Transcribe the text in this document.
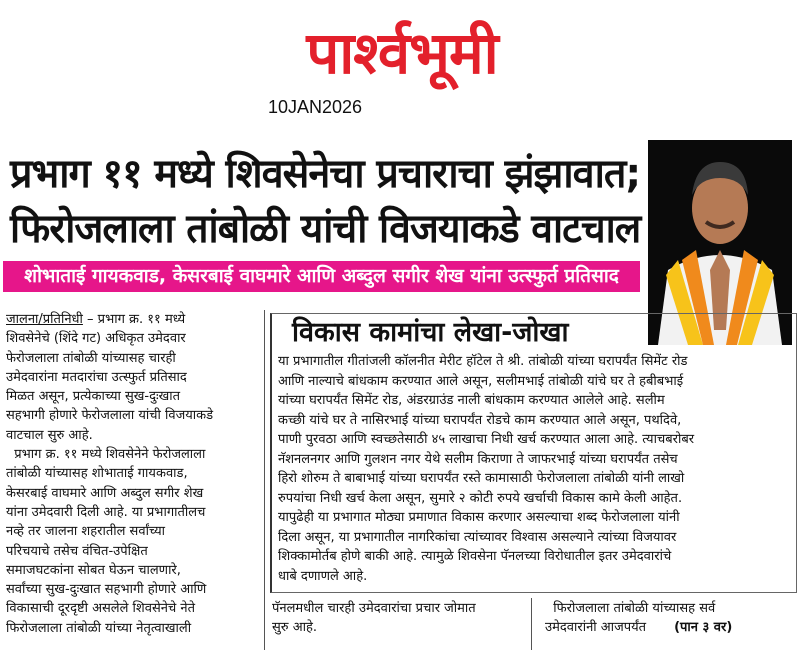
पार्श्वभूमी
10JAN2026
प्रभाग ११ मध्ये शिवसेनेचा प्रचाराचा झंझावात;
फिरोजलाला तांबोळी यांची विजयाकडे वाटचाल
शोभाताई गायकवाड, केसरबाई वाघमारे आणि अब्दुल सगीर शेख यांना उत्स्फुर्त प्रतिसाद
जालना/प्रतिनिधी – प्रभाग क्र. ११ मध्ये
शिवसेनेचे (शिंदे गट) अधिकृत उमेदवार
फेरोजलाला तांबोळी यांच्यासह चारही
उमेदवारांना मतदारांचा उत्स्फुर्त प्रतिसाद
मिळत असून, प्रत्येकाच्या सुख-दुःखात
सहभागी होणारे फेरोजलाला यांची विजयाकडे
वाटचाल सुरु आहे.
प्रभाग क्र. ११ मध्ये शिवसेनेने फेरोजलाला
तांबोळी यांच्यासह शोभाताई गायकवाड,
केसरबाई वाघमारे आणि अब्दुल सगीर शेख
यांना उमेदवारी दिली आहे. या प्रभागातीलच
नव्हे तर जालना शहरातील सर्वांच्या
परिचयाचे तसेच वंचित-उपेक्षित
समाजघटकांना सोबत घेऊन चालणारे,
सर्वांच्या सुख-दुःखात सहभागी होणारे आणि
विकासाची दूरदृष्टी असलेले शिवसेनेचे नेते
फिरोजलाला तांबोळी यांच्या नेतृत्वाखाली
विकास कामांचा लेखा-जोखा
या प्रभागातील गीतांजली कॉलनीत मेरीट हॉटेल ते श्री. तांबोळी यांच्या घरापर्यंत सिमेंट रोड
आणि नाल्याचे बांधकाम करण्यात आले असून, सलीमभाई तांबोळी यांचे घर ते हबीबभाई
यांच्या घरापर्यंत सिमेंट रोड, अंडरग्राउंड नाली बांधकाम करण्यात आलेले आहे. सलीम
कच्छी यांचे घर ते नासिरभाई यांच्या घरापर्यंत रोडचे काम करण्यात आले असून, पथदिवे,
पाणी पुरवठा आणि स्वच्छतेसाठी ४५ लाखाचा निधी खर्च करण्यात आला आहे. त्याचबरोबर
नॅशनलनगर आणि गुलशन नगर येथे सलीम किराणा ते जाफरभाई यांच्या घरापर्यंत तसेच
हिरो शोरुम ते बाबाभाई यांच्या घरापर्यंत रस्ते कामासाठी फेरोजलाला तांबोळी यांनी लाखो
रुपयांचा निधी खर्च केला असून, सुमारे २ कोटी रुपये खर्चाची विकास कामे केली आहेत.
यापुढेही या प्रभागात मोठ्या प्रमाणात विकास करणार असल्याचा शब्द फेरोजलाला यांनी
दिला असून, या प्रभागातील नागरिकांचा त्यांच्यावर विश्वास असल्याने त्यांच्या विजयावर
शिक्कामोर्तब होणे बाकी आहे. त्यामुळे शिवसेना पॅनलच्या विरोधातील इतर उमेदवारांचे
धाबे दणाणले आहे.
पॅनलमधील चारही उमेदवारांचा प्रचार जोमात
सुरु आहे.
फिरोजलाला तांबोळी यांच्यासह सर्व
उमेदवारांनी आजपर्यंत (पान ३ वर)
